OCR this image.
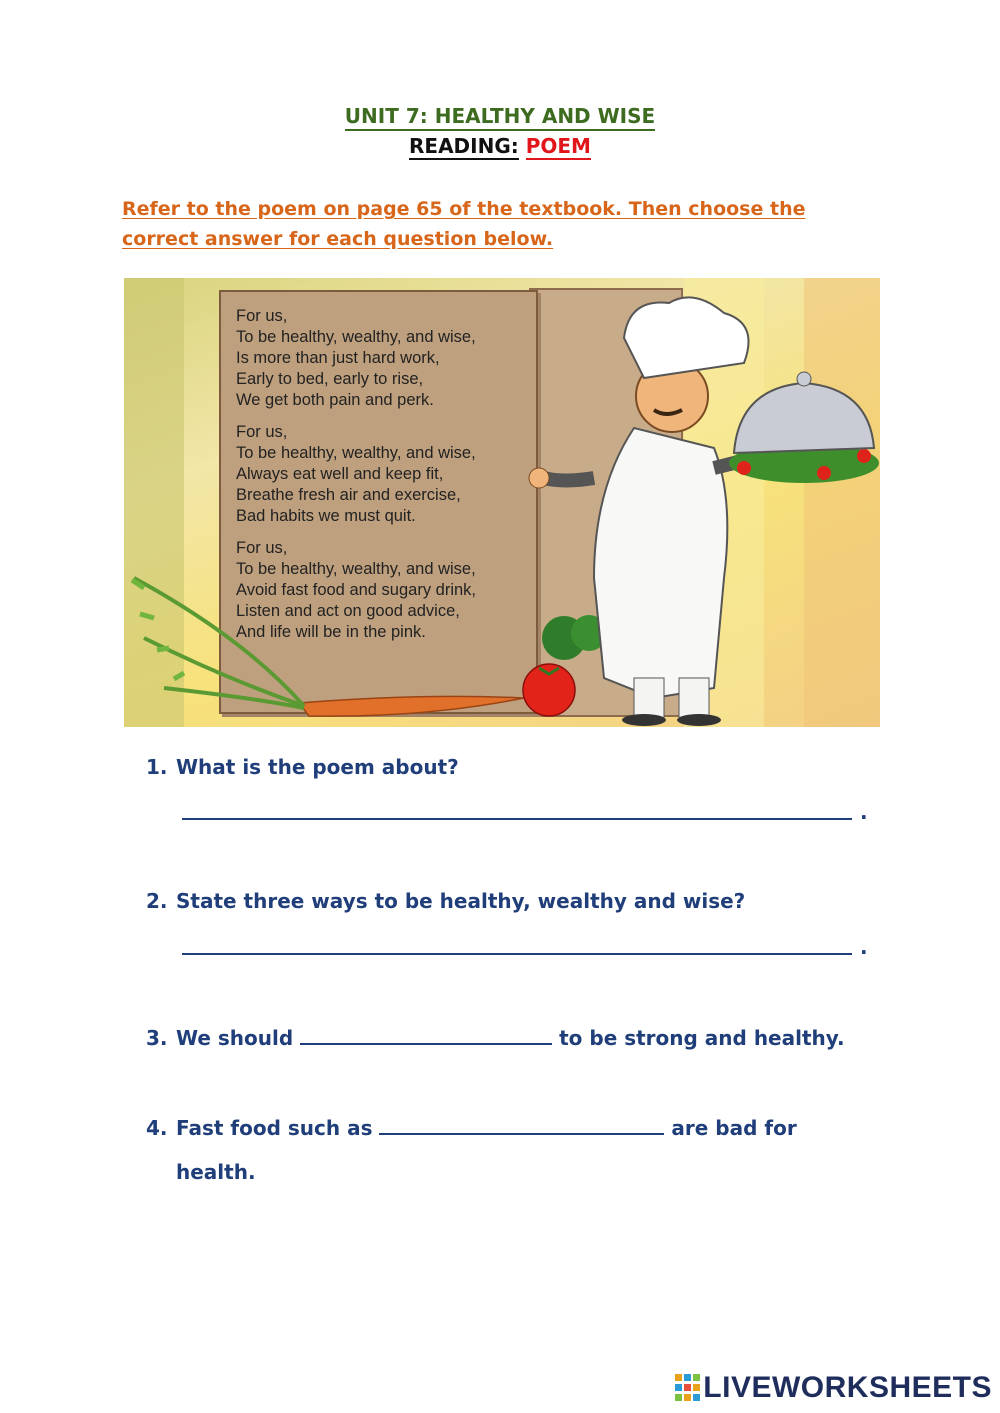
UNIT 7: HEALTHY AND WISE
READING: POEM
Refer to the poem on page 65 of the textbook. Then choose the correct answer for each question below.
For us,
To be healthy, wealthy, and wise,
Is more than just hard work,
Early to bed, early to rise,
We get both pain and perk.
For us,
To be healthy, wealthy, and wise,
Always eat well and keep fit,
Breathe fresh air and exercise,
Bad habits we must quit.
For us,
To be healthy, wealthy, and wise,
Avoid fast food and sugary drink,
Listen and act on good advice,
And life will be in the pink.
1. What is the poem about?
.
2. State three ways to be healthy, wealthy and wise?
.
3. We should	to be strong and healthy.
4. Fast food such as	are bad for
health.
LIVEWORKSHEETS
